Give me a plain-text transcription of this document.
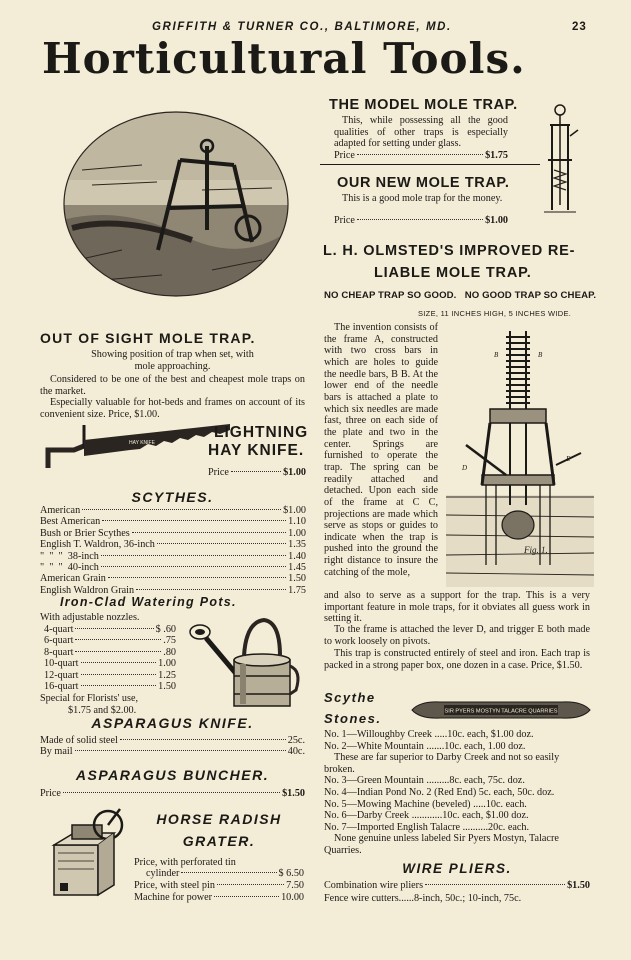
GRIFFITH & TURNER CO., BALTIMORE, MD.	23
Horticultural Tools.
OUT OF SIGHT MOLE TRAP.
Showing position of trap when set, with
mole approaching.
Considered to be one of the best and cheapest mole traps on the market.
Especially valuable for hot-beds and frames on account of its convenient size. Price, $1.00.
HAY KNIFE
LIGHTNING
HAY KNIFE.
Price	$1.00
SCYTHES.
American	$1.00
Best American	1.10
Bush or Brier Scythes	1.00
English T. Waldron, 36-inch	1.35
"  "  "  38-inch	1.40
"  "  "  40-inch	1.45
American Grain	1.50
English Waldron Grain	1.75
Iron-Clad Watering Pots.
With adjustable nozzles.
4-quart	$ .60
6-quart	.75
8-quart	.80
10-quart	1.00
12-quart	1.25
16-quart	1.50
Special for Florists' use,
$1.75 and $2.00.
ASPARAGUS KNIFE.
Made of solid steel	25c.
By mail	40c.
ASPARAGUS BUNCHER.
Price	$1.50
HORSE RADISH
GRATER.
Price, with perforated tin
cylinder	$ 6.50
Price, with steel pin	7.50
Machine for power	10.00
THE MODEL MOLE TRAP.
This, while possessing all the good qualities of other traps is especially adapted for setting under glass.
Price	$1.75
OUR NEW MOLE TRAP.
This is a good mole trap for the money.
Price	$1.00
L. H. OLMSTED'S IMPROVED RE-
LIABLE MOLE TRAP.
NO CHEAP TRAP SO GOOD.   NO GOOD TRAP SO CHEAP.
SIZE, 11 INCHES HIGH, 5 INCHES WIDE.
The invention consists of the frame A, constructed with two cross bars in which are holes to guide the needle bars, B B. At the lower end of the needle bars is attached a plate to which six needles are made fast, three on each side of the plate and two in the center. Springs are furnished to operate the trap. The spring can be readily attached and detached. Upon each side of the frame at C C, projections are made which serve as stops or guides to indicate when the trap is pushed into the ground the right distance to insure the catching of the mole,
B	B
D
E
Fig. 1.
and also to serve as a support for the trap. This is a very important feature in mole traps, for it obviates all guess work in setting it.
To the frame is attached the lever D, and trigger E both made to work loosely on pivots.
This trap is constructed entirely of steel and iron. Each trap is packed in a strong paper box, one dozen in a case. Price, $1.50.
Scythe
Stones.	SIR PYERS MOSTYN TALACRE QUARRIES
No. 1—Willoughby Creek .....10c. each, $1.00 doz.
No. 2—White Mountain .......10c. each, 1.00 doz.
These are far superior to Darby Creek and not so easily broken.
No. 3—Green Mountain .........8c. each, 75c. doz.
No. 4—Indian Pond No. 2 (Red End) 5c. each, 50c. doz.
No. 5—Mowing Machine (beveled) .....10c. each.
No. 6—Darby Creek ............10c. each, $1.00 doz.
No. 7—Imported English Talacre ..........20c. each.
None genuine unless labeled Sir Pyers Mostyn, Talacre Quarries.
WIRE PLIERS.
Combination wire pliers	$1.50
Fence wire cutters......8-inch, 50c.; 10-inch, 75c.
